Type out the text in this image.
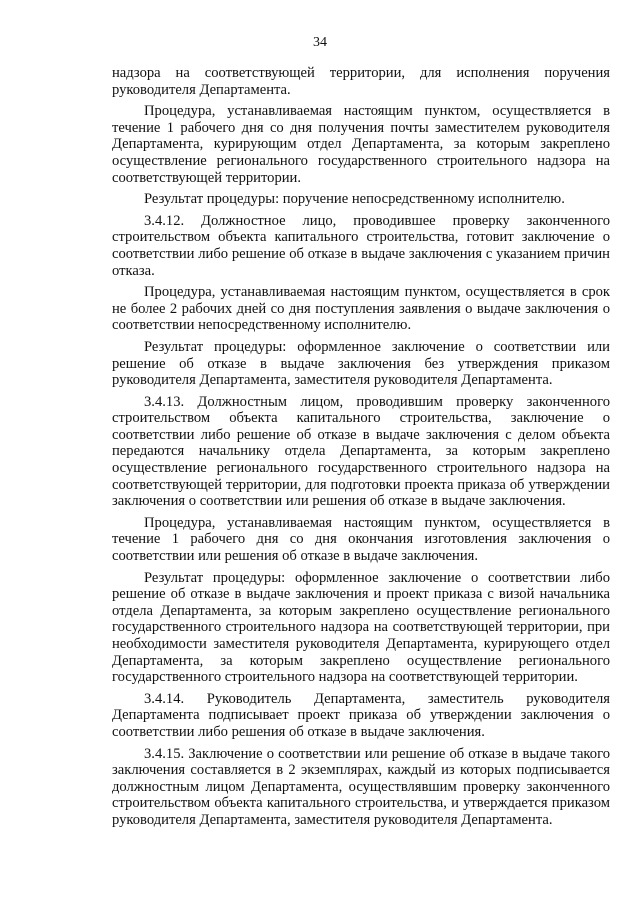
34

надзора на соответствующей территории, для исполнения поручения руководителя Департамента.

Процедура, устанавливаемая настоящим пунктом, осуществляется в течение 1 рабочего дня со дня получения почты заместителем руководителя Департамента, курирующим отдел Департамента, за которым закреплено осуществление регионального государственного строительного надзора на соответствующей территории.

Результат процедуры: поручение непосредственному исполнителю.

3.4.12. Должностное лицо, проводившее проверку законченного строительством объекта капитального строительства, готовит заключение о соответствии либо решение об отказе в выдаче заключения с указанием причин отказа.

Процедура, устанавливаемая настоящим пунктом, осуществляется в срок не более 2 рабочих дней со дня поступления заявления о выдаче заключения о соответствии непосредственному исполнителю.

Результат процедуры: оформленное заключение о соответствии или решение об отказе в выдаче заключения без утверждения приказом руководителя Департамента, заместителя руководителя Департамента.

3.4.13. Должностным лицом, проводившим проверку законченного строительством объекта капитального строительства, заключение о соответствии либо решение об отказе в выдаче заключения с делом объекта передаются начальнику отдела Департамента, за которым закреплено осуществление регионального государственного строительного надзора на соответствующей территории, для подготовки проекта приказа об утверждении заключения о соответствии или решения об отказе в выдаче заключения.

Процедура, устанавливаемая настоящим пунктом, осуществляется в течение 1 рабочего дня со дня окончания изготовления заключения о соответствии или решения об отказе в выдаче заключения.

Результат процедуры: оформленное заключение о соответствии либо решение об отказе в выдаче заключения и проект приказа с визой начальника отдела Департамента, за которым закреплено осуществление регионального государственного строительного надзора на соответствующей территории, при необходимости заместителя руководителя Департамента, курирующего отдел Департамента, за которым закреплено осуществление регионального государственного строительного надзора на соответствующей территории.

3.4.14. Руководитель Департамента, заместитель руководителя Департамента подписывает проект приказа об утверждении заключения о соответствии либо решения об отказе в выдаче заключения.

3.4.15. Заключение о соответствии или решение об отказе в выдаче такого заключения составляется в 2 экземплярах, каждый из которых подписывается должностным лицом Департамента, осуществлявшим проверку законченного строительством объекта капитального строительства, и утверждается приказом руководителя Департамента, заместителя руководителя Департамента.
